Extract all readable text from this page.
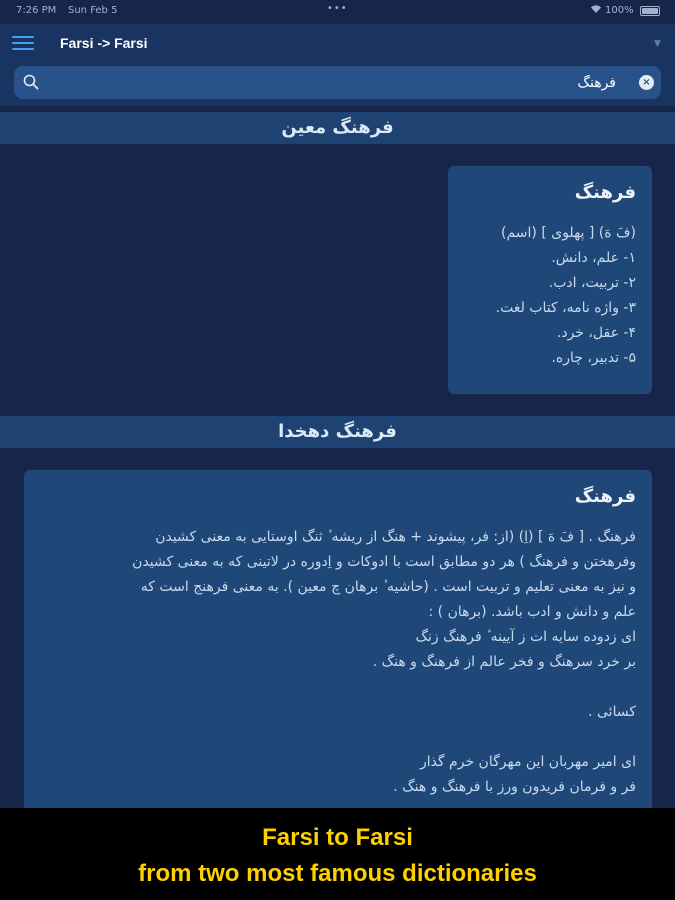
7:26 PM Sun Feb 5	•••	100%
Farsi -> Farsi	▼
فرهنگ
×
فرهنگ معین
فرهنگ
(فَ هَ) [ پهلوی ] (اسم)
۱- علم، دانش.
۲- تربیت، ادب.
۳- واژه نامه، کتاب لغت.
۴- عقل، خرد.
۵- تدبیر، چاره.
فرهنگ دهخدا
فرهنگ
فرهنگ . [ فَ هَ ] (اِ) (از: فر، پیشوند + هنگ از ریشه ٔ ثنگ اوستایی به معنی کشیدن
وفرهختن و فرهنگ ) هر دو مطابق است با ادوکات و اِدوره در لاتینی که به معنی کشیدن
و نیز به معنی تعلیم و تربیت است . (حاشیه ٔ برهان چ معین ). به معنی فرهنج است که
علم و دانش و ادب باشد. (برهان ) :
ای زدوده سایه ات ز آیینه ٔ فرهنگ زنگ
بر خرد سرهنگ و فخر عالم از فرهنگ و هنگ .
کسائی .
ای امیر مهربان این مهرگان خرم گذار
فر و فرمان فریدون ورز با فرهنگ و هنگ .
Farsi to Farsi
from two most famous dictionaries
